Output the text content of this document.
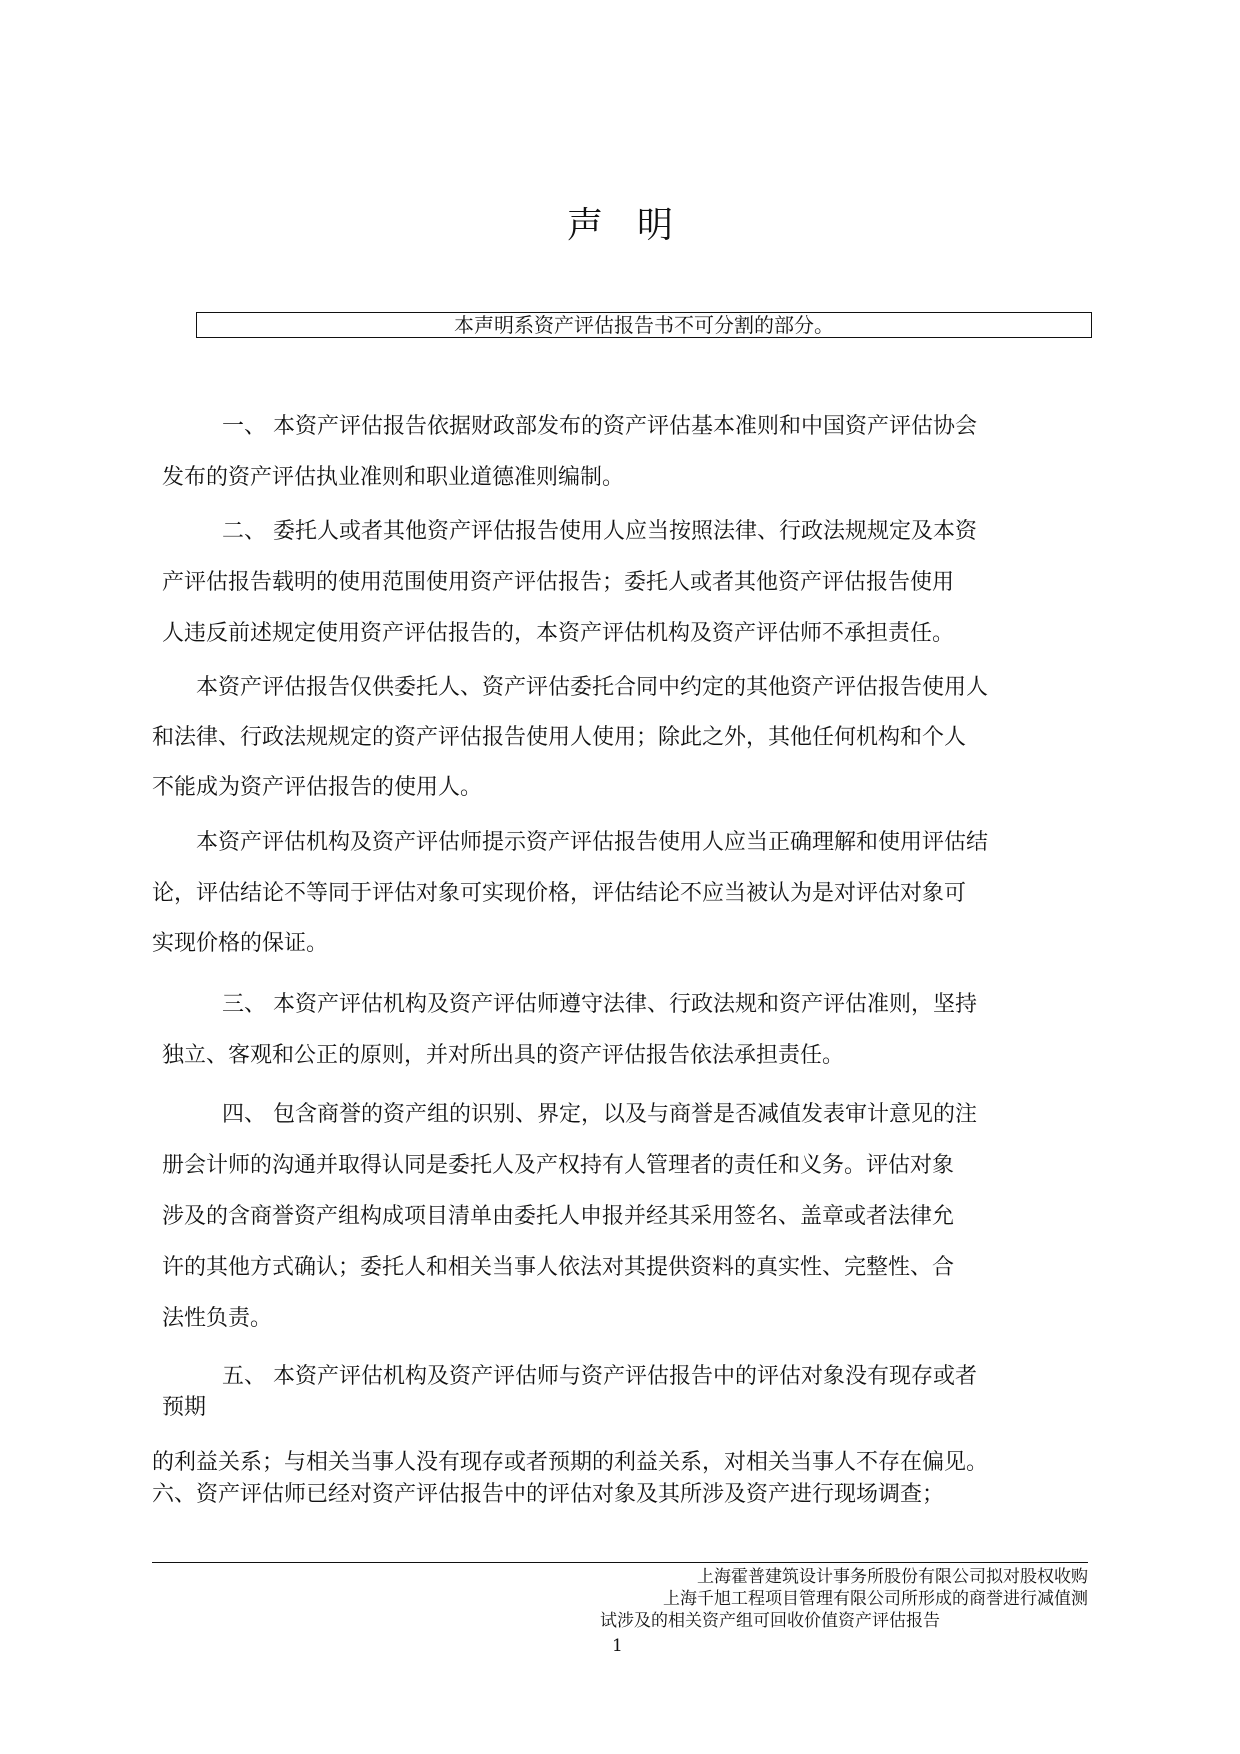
声明
本声明系资产评估报告书不可分割的部分。
一、 本资产评估报告依据财政部发布的资产评估基本准则和中国资产评估协会
发布的资产评估执业准则和职业道德准则编制。
二、 委托人或者其他资产评估报告使用人应当按照法律、行政法规规定及本资
产评估报告载明的使用范围使用资产评估报告；委托人或者其他资产评估报告使用
人违反前述规定使用资产评估报告的，本资产评估机构及资产评估师不承担责任。
本资产评估报告仅供委托人、资产评估委托合同中约定的其他资产评估报告使用人
和法律、行政法规规定的资产评估报告使用人使用；除此之外，其他任何机构和个人
不能成为资产评估报告的使用人。
本资产评估机构及资产评估师提示资产评估报告使用人应当正确理解和使用评估结
论，评估结论不等同于评估对象可实现价格，评估结论不应当被认为是对评估对象可
实现价格的保证。
三、 本资产评估机构及资产评估师遵守法律、行政法规和资产评估准则，坚持
独立、客观和公正的原则，并对所出具的资产评估报告依法承担责任。
四、 包含商誉的资产组的识别、界定，以及与商誉是否减值发表审计意见的注
册会计师的沟通并取得认同是委托人及产权持有人管理者的责任和义务。评估对象
涉及的含商誉资产组构成项目清单由委托人申报并经其采用签名、盖章或者法律允
许的其他方式确认；委托人和相关当事人依法对其提供资料的真实性、完整性、合
法性负责。
五、 本资产评估机构及资产评估师与资产评估报告中的评估对象没有现存或者
预期
的利益关系；与相关当事人没有现存或者预期的利益关系，对相关当事人不存在偏见。
六、资产评估师已经对资产评估报告中的评估对象及其所涉及资产进行现场调查；
上海霍普建筑设计事务所股份有限公司拟对股权收购
上海千旭工程项目管理有限公司所形成的商誉进行减值测
试涉及的相关资产组可回收价值资产评估报告
1
